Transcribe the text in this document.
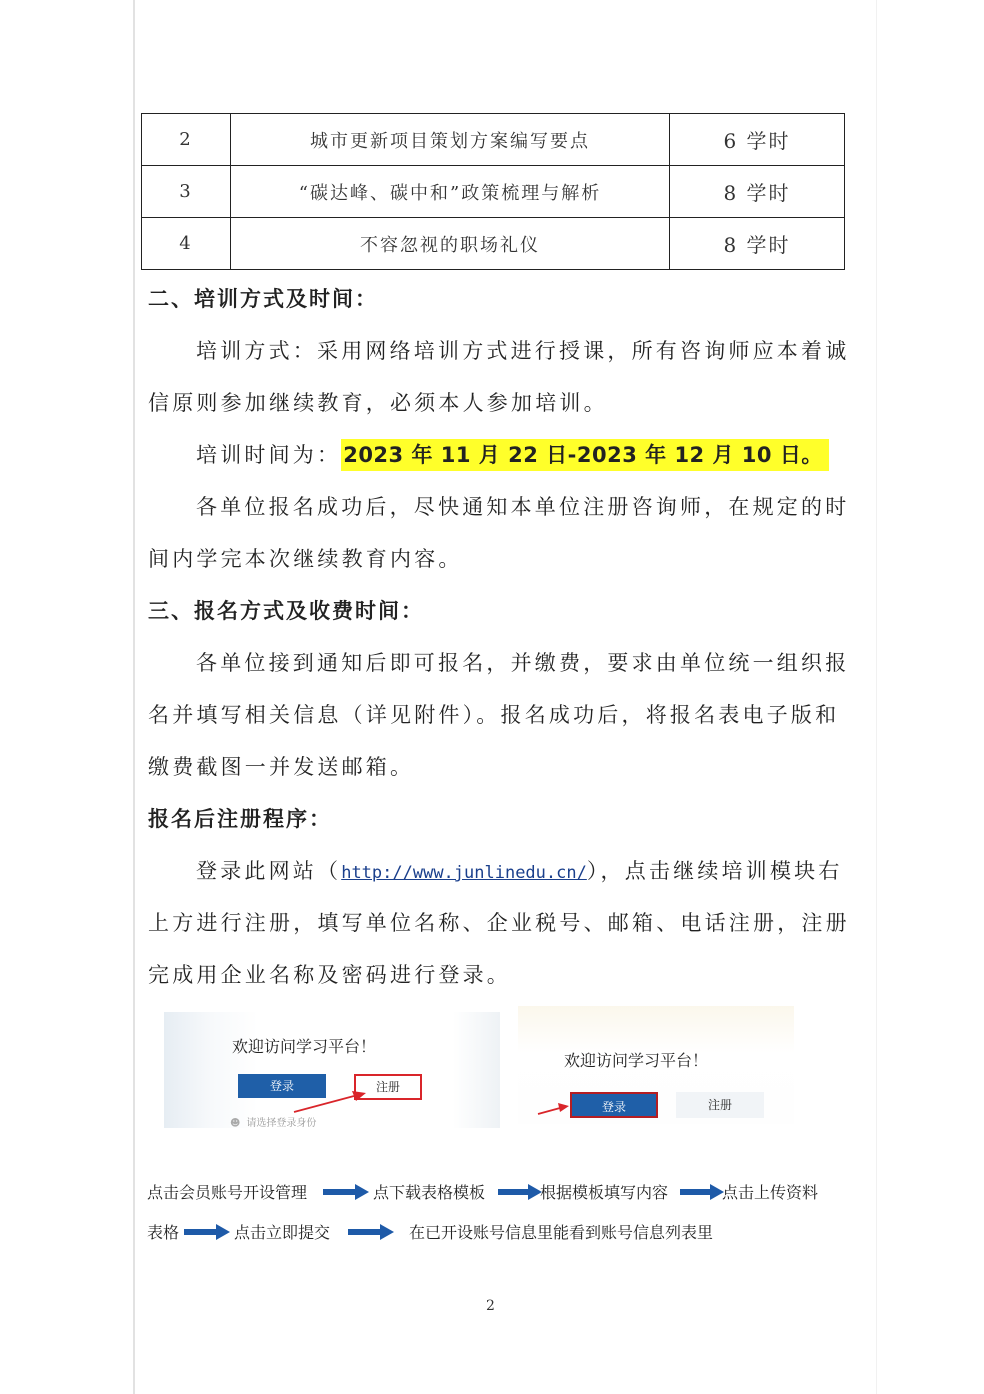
2	城市更新项目策划方案编写要点	6 学时
3	“碳达峰、碳中和”政策梳理与解析	8 学时
4	不容忽视的职场礼仪	8 学时
二、培训方式及时间：
培训方式：采用网络培训方式进行授课，所有咨询师应本着诚
信原则参加继续教育，必须本人参加培训。
培训时间为：2023 年 11 月 22 日-2023 年 12 月 10 日。
各单位报名成功后，尽快通知本单位注册咨询师，在规定的时
间内学完本次继续教育内容。
三、报名方式及收费时间：
各单位接到通知后即可报名，并缴费，要求由单位统一组织报
名并填写相关信息（详见附件）。报名成功后，将报名表电子版和
缴费截图一并发送邮箱。
报名后注册程序：
登录此网站（http://www.junlinedu.cn/），点击继续培训模块右
上方进行注册，填写单位名称、企业税号、邮箱、电话注册，注册
完成用企业名称及密码进行登录。
欢迎访问学习平台！
登录	注册
☻ 请选择登录身份
欢迎访问学习平台！
登录	注册
点击会员账号开设管理	点下载表格模板	根据模板填写内容	点击上传资料
表格	点击立即提交	在已开设账号信息里能看到账号信息列表里
2
